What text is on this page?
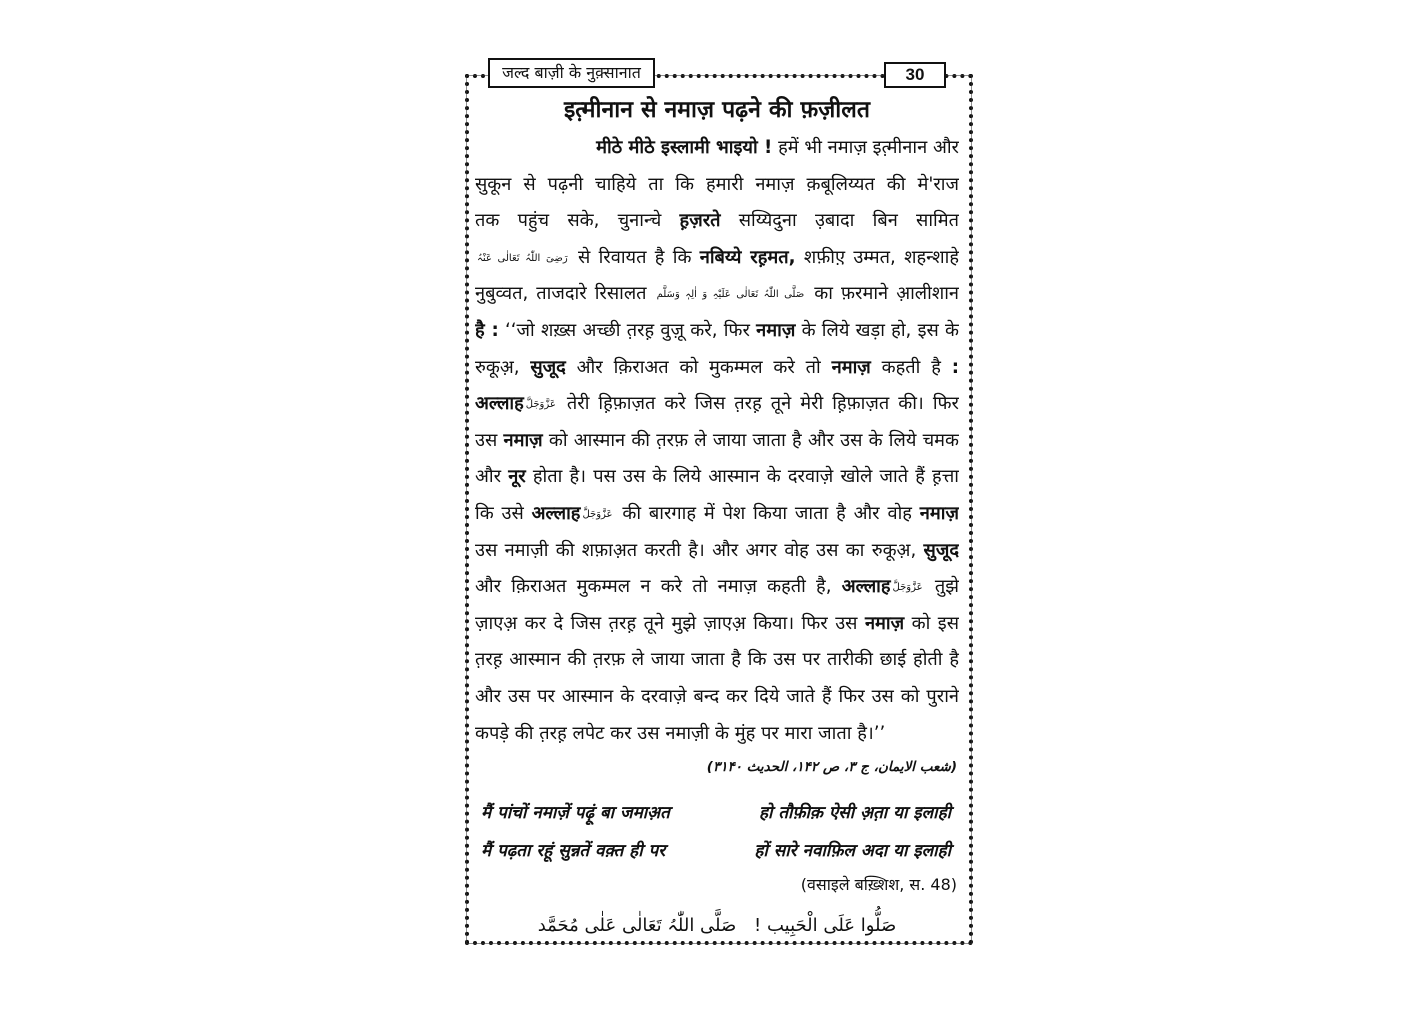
जल्द बाज़ी के नुक़्सानात	30
इत़्मीनान से नमाज़ पढ़ने की फ़ज़ीलत
मीठे मीठे इस्लामी भाइयो ! हमें भी नमाज़ इत़्मीनान और
सुकून से पढ़नी चाहिये ता कि हमारी नमाज़ क़बूलिय्यत की मे'राज
तक पहुंच सके, चुनान्चे ह़ज़रते सय्यिदुना उ़बादा बिन सामित
رَضِیَ اللّٰہُ تَعَالٰی عَنْہُ से रिवायत है कि नबिय्ये रह़मत, शफ़ीए़ उम्मत, शहन्शाहे
नुबुव्वत, ताजदारे रिसालत صَلَّی اللّٰہُ تَعَالٰی عَلَیْہِ وَ اٰلِہٖ وَسَلَّم का फ़रमाने आ़लीशान
है : ‘‘जो शख़्स अच्छी त़रह़ वुज़ू करे, फिर नमाज़ के लिये खड़ा हो, इस के
रुकूअ़, सुजूद और क़िराअत को मुकम्मल करे तो नमाज़ कहती है :
अल्लाह عَزَّوَجَلَّ तेरी ह़िफ़ाज़त करे जिस त़रह़ तूने मेरी ह़िफ़ाज़त की। फिर
उस नमाज़ को आस्मान की त़रफ़ ले जाया जाता है और उस के लिये चमक
और नूर होता है। पस उस के लिये आस्मान के दरवाज़े खोले जाते हैं ह़त्ता
कि उसे अल्लाह عَزَّوَجَلَّ की बारगाह में पेश किया जाता है और वोह नमाज़
उस नमाज़ी की शफ़ाअ़त करती है। और अगर वोह उस का रुकूअ़, सुजूद
और क़िराअत मुकम्मल न करे तो नमाज़ कहती है, अल्लाह عَزَّوَجَلَّ तुझे
ज़ाएअ़ कर दे जिस त़रह़ तूने मुझे ज़ाएअ़ किया। फिर उस नमाज़ को इस
त़रह़ आस्मान की त़रफ़ ले जाया जाता है कि उस पर तारीकी छाई होती है
और उस पर आस्मान के दरवाज़े बन्द कर दिये जाते हैं फिर उस को पुराने
कपड़े की त़रह़ लपेट कर उस नमाज़ी के मुंह पर मारा जाता है।’’
(شعب الایمان، ج ۳، ص ۱۴۲، الحدیث ۳۱۴۰)
मैं पांचों नमाज़ें पढ़ूं बा जमाअ़त	हो तौफ़ीक़ ऐसी अ़त़ा या इलाही
मैं पढ़ता रहूं सुन्नतें वक़्त ही पर	हों सारे नवाफ़िल अदा या इलाही
(वसाइले बख़्शिश, स. 48)
صَلُّوا عَلَی الْحَبِیب ! صَلَّی اللّٰہُ تَعَالٰی عَلٰی مُحَمَّد
